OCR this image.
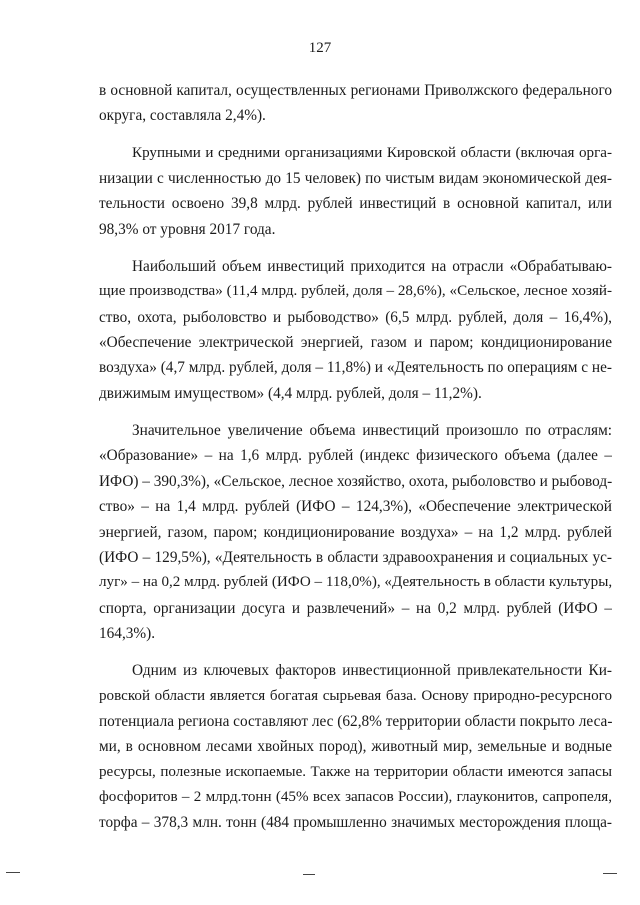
127
в основной капитал, осуществленных регионами Приволжского федерального
округа, составляла 2,4%).
Крупными и средними организациями Кировской области (включая орга-
низации с численностью до 15 человек) по чистым видам экономической дея-
тельности освоено 39,8 млрд. рублей инвестиций в основной капитал, или
98,3% от уровня 2017 года.
Наибольший объем инвестиций приходится на отрасли «Обрабатываю-
щие производства» (11,4 млрд. рублей, доля – 28,6%), «Сельское, лесное хозяй-
ство, охота, рыболовство и рыбоводство» (6,5 млрд. рублей, доля – 16,4%),
«Обеспечение электрической энергией, газом и паром; кондиционирование
воздуха» (4,7 млрд. рублей, доля – 11,8%) и «Деятельность по операциям с не-
движимым имуществом» (4,4 млрд. рублей, доля – 11,2%).
Значительное увеличение объема инвестиций произошло по отраслям:
«Образование» – на 1,6 млрд. рублей (индекс физического объема (далее –
ИФО) – 390,3%), «Сельское, лесное хозяйство, охота, рыболовство и рыбовод-
ство» – на 1,4 млрд. рублей (ИФО – 124,3%), «Обеспечение электрической
энергией, газом, паром; кондиционирование воздуха» – на 1,2 млрд. рублей
(ИФО – 129,5%), «Деятельность в области здравоохранения и социальных ус-
луг» – на 0,2 млрд. рублей (ИФО – 118,0%), «Деятельность в области культуры,
спорта, организации досуга и развлечений» – на 0,2 млрд. рублей (ИФО –
164,3%).
Одним из ключевых факторов инвестиционной привлекательности Ки-
ровской области является богатая сырьевая база. Основу природно-ресурсного
потенциала региона составляют лес (62,8% территории области покрыто леса-
ми, в основном лесами хвойных пород), животный мир, земельные и водные
ресурсы, полезные ископаемые. Также на территории области имеются запасы
фосфоритов – 2 млрд.тонн (45% всех запасов России), глауконитов, сапропеля,
торфа – 378,3 млн. тонн (484 промышленно значимых месторождения площа-
